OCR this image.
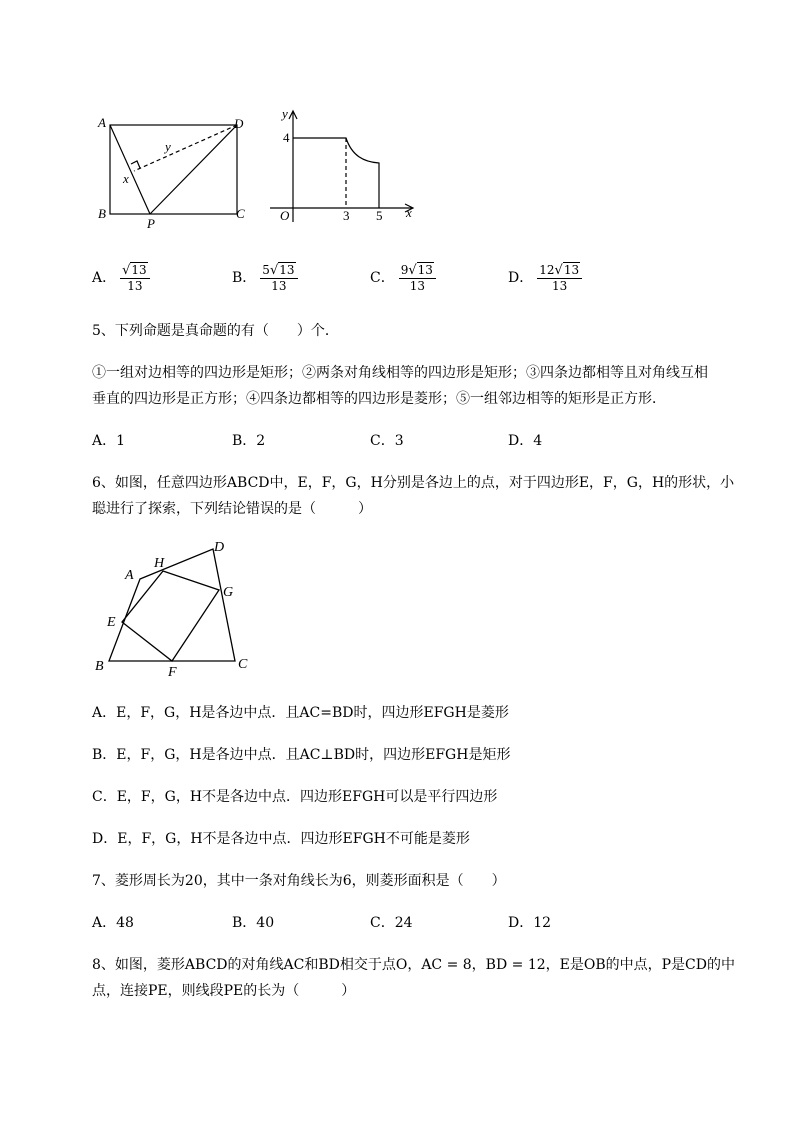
A
B	C
D
P
x
y
y
x
O
4
3 5
A． $\frac{√ 13}{13}$	B． $\frac{5 √ 13}{13}$	C． $\frac{9 √ 13}{13}$	D． $\frac{12 √ 13}{13}$
5、下列命题是真命题的有（　　）个．
①一组对边相等的四边形是矩形；②两条对角线相等的四边形是矩形；③四条边都相等且对角线互相
垂直的四边形是正方形；④四条边都相等的四边形是菱形；⑤一组邻边相等的矩形是正方形．
A．1	B．2	C．3	D．4
6、如图，任意四边形ABCD中，E，F，G，H分别是各边上的点，对于四边形E，F，G，H的形状，小
聪进行了探索，下列结论错误的是（　　　）
A
B	C
D
E
F
G
H
A．E，F，G，H是各边中点．且AC=BD时，四边形EFGH是菱形
B．E，F，G，H是各边中点．且AC⊥BD时，四边形EFGH是矩形
C．E，F，G，H不是各边中点．四边形EFGH可以是平行四边形
D．E，F，G，H不是各边中点．四边形EFGH不可能是菱形
7、菱形周长为20，其中一条对角线长为6，则菱形面积是（　　）
A．48	B．40	C．24	D．12
8、如图，菱形ABCD的对角线AC和BD相交于点O，AC = 8，BD = 12，E是OB的中点，P是CD的中
点，连接PE，则线段PE的长为（　　　）
